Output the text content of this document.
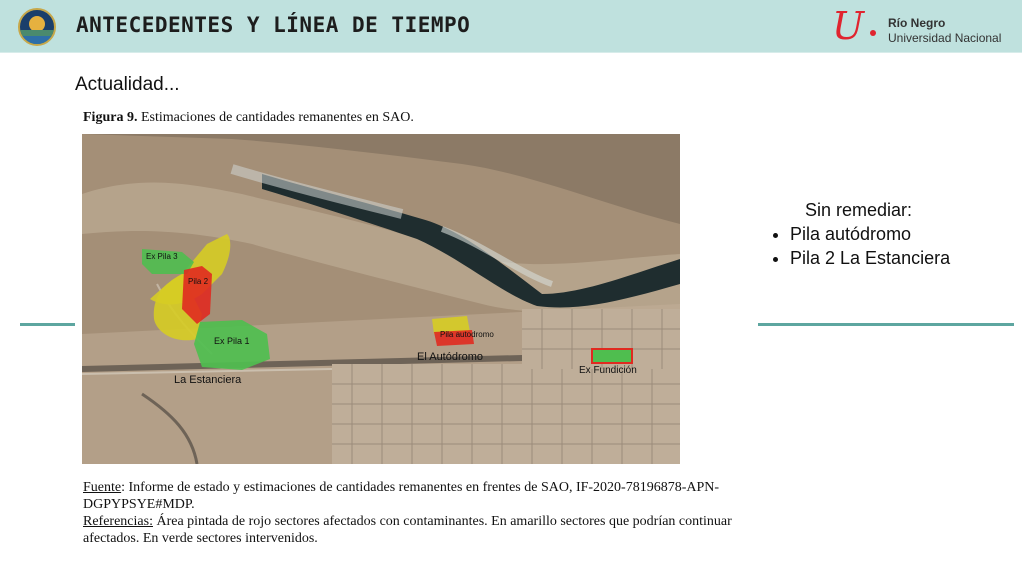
ANTECEDENTES Y LÍNEA DE TIEMPO	U Río Negro
Universidad Nacional
Actualidad...
Figura 9. Estimaciones de cantidades remanentes en SAO.
Ex Pila 3
Pila 2
Ex Pila 1
La Estanciera
El Autódromo
Pila autodromo
Ex Fundición
Sin remediar:
• Pila autódromo
• Pila 2 La Estanciera
Fuente: Informe de estado y estimaciones de cantidades remanentes en frentes de SAO, IF-2020-78196878-APN-DGPYPSYE#MDP.
Referencias: Área pintada de rojo sectores afectados con contaminantes. En amarillo sectores que podrían continuar afectados. En verde sectores intervenidos.
